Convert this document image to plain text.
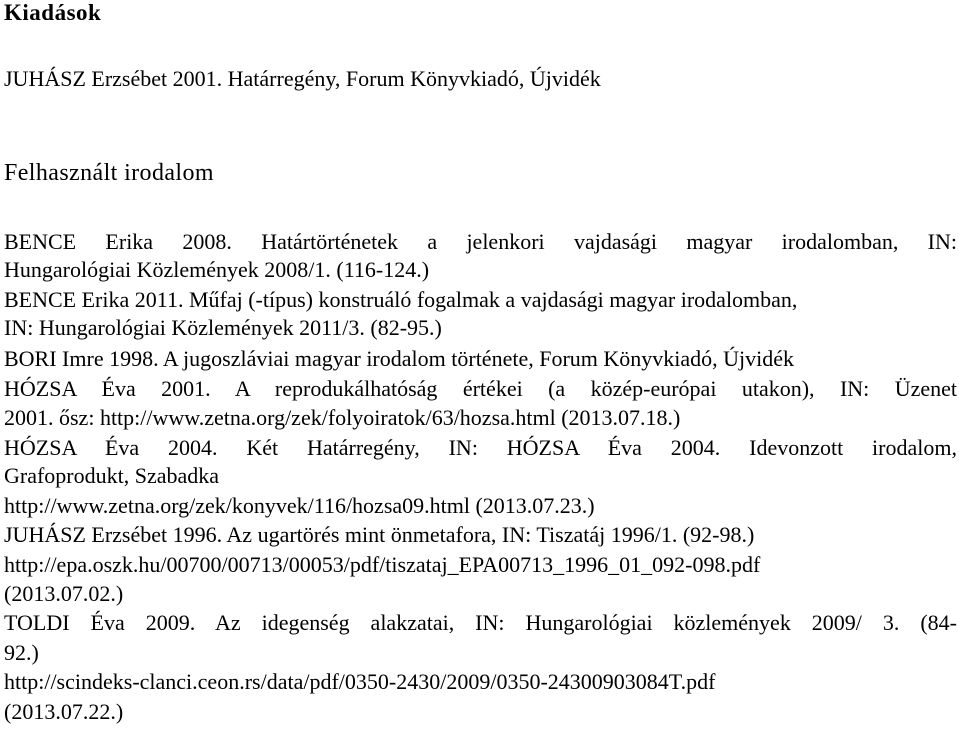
Kiadások
JUHÁSZ Erzsébet 2001. Határregény, Forum Könyvkiadó, Újvidék
Felhasznált irodalom
BENCE Erika 2008. Határtörténetek a jelenkori vajdasági magyar irodalomban, IN:
Hungarológiai Közlemények 2008/1. (116-124.)
BENCE Erika 2011. Műfaj (-típus) konstruáló fogalmak a vajdasági magyar irodalomban,
IN: Hungarológiai Közlemények 2011/3. (82-95.)
BORI Imre 1998. A jugoszláviai magyar irodalom története, Forum Könyvkiadó, Újvidék
HÓZSA Éva 2001. A reprodukálhatóság értékei (a közép-európai utakon), IN: Üzenet
2001. ősz: http://www.zetna.org/zek/folyoiratok/63/hozsa.html (2013.07.18.)
HÓZSA Éva 2004. Két Határregény, IN: HÓZSA Éva 2004. Idevonzott irodalom,
Grafoprodukt, Szabadka
http://www.zetna.org/zek/konyvek/116/hozsa09.html (2013.07.23.)
JUHÁSZ Erzsébet 1996. Az ugartörés mint önmetafora, IN: Tiszatáj 1996/1. (92-98.)
http://epa.oszk.hu/00700/00713/00053/pdf/tiszataj_EPA00713_1996_01_092-098.pdf
(2013.07.02.)
TOLDI Éva 2009. Az idegenség alakzatai, IN: Hungarológiai közlemények 2009/ 3. (84-
92.)
http://scindeks-clanci.ceon.rs/data/pdf/0350-2430/2009/0350-24300903084T.pdf
(2013.07.22.)
